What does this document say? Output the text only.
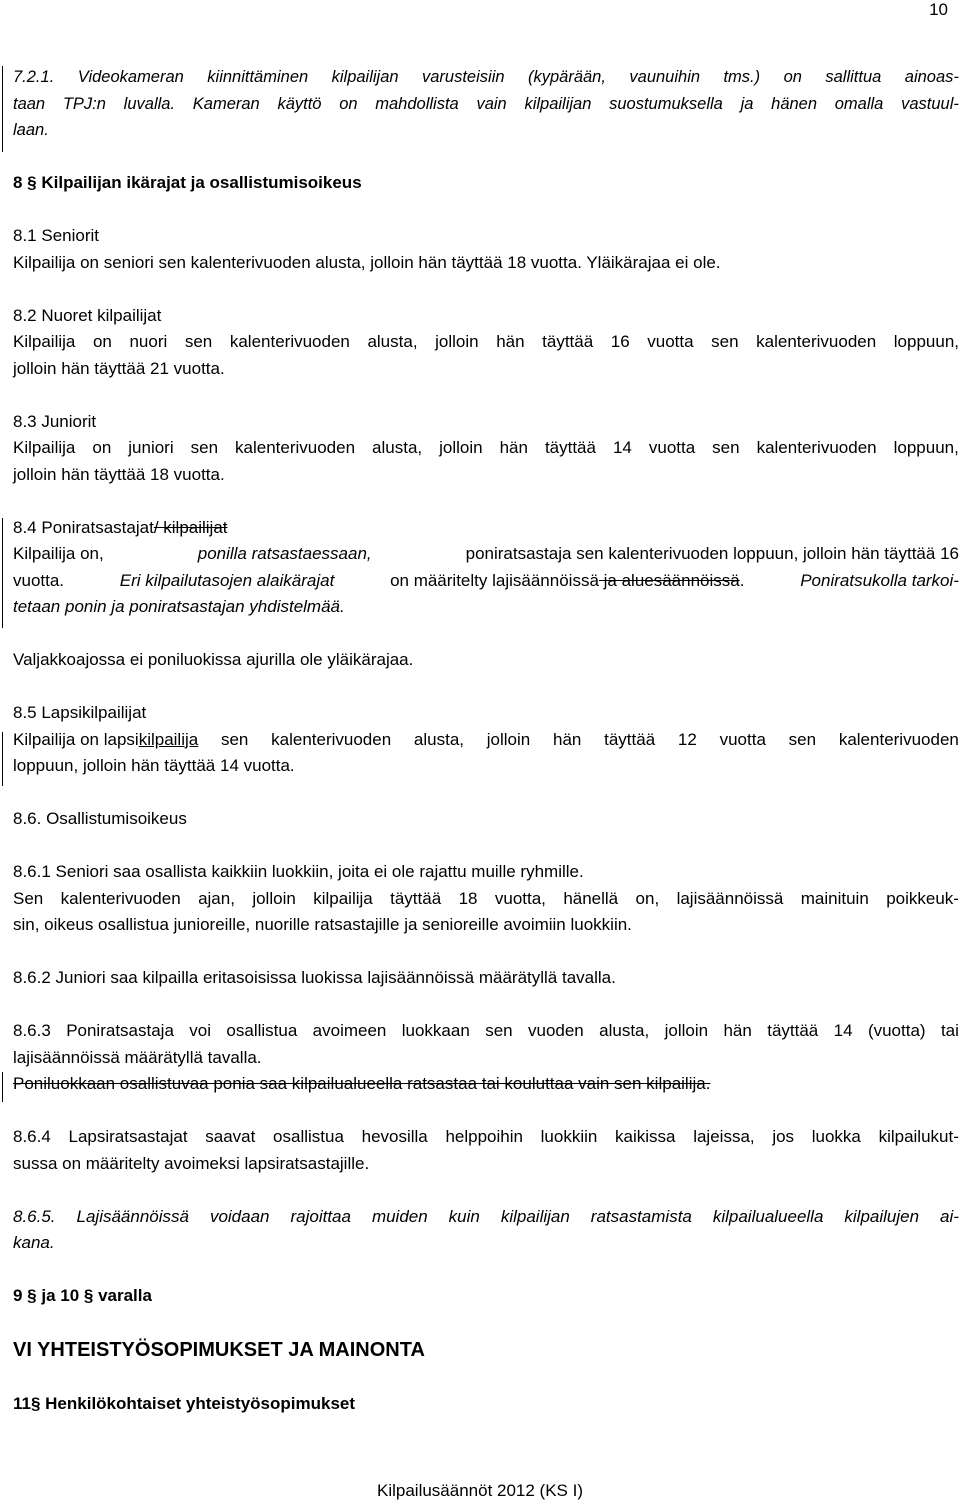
10
7.2.1. Videokameran kiinnittäminen kilpailijan varusteisiin (kypärään, vaunuihin tms.) on sallittua ainoas-
taan TPJ:n luvalla. Kameran käyttö on mahdollista vain kilpailijan suostumuksella ja hänen omalla vastuul-
laan.
8 § Kilpailijan ikärajat ja osallistumisoikeus
8.1 Seniorit
Kilpailija on seniori sen kalenterivuoden alusta, jolloin hän täyttää 18 vuotta. Yläikärajaa ei ole.
8.2 Nuoret kilpailijat
Kilpailija on nuori sen kalenterivuoden alusta, jolloin hän täyttää 16 vuotta sen kalenterivuoden loppuun,
jolloin hän täyttää 21 vuotta.
8.3 Juniorit
Kilpailija on juniori sen kalenterivuoden alusta, jolloin hän täyttää 14 vuotta sen kalenterivuoden loppuun,
jolloin hän täyttää 18 vuotta.
8.4 Poniratsastajat/ kilpailijat
Kilpailija on,	ponilla ratsastaessaan,	poniratsastaja sen kalenterivuoden loppuun, jolloin hän täyttää 16
vuotta.	Eri kilpailutasojen alaikärajat	on määritelty lajisäännöissä ja aluesäännöissä.	Poniratsukolla tarkoi-
tetaan ponin ja poniratsastajan yhdistelmää.
Valjakkoajossa ei poniluokissa ajurilla ole yläikärajaa.
8.5 Lapsikilpailijat
Kilpailija on lapsikilpailija sen kalenterivuoden alusta, jolloin hän täyttää 12 vuotta sen kalenterivuoden
loppuun, jolloin hän täyttää 14 vuotta.
8.6. Osallistumisoikeus
8.6.1 Seniori saa osallista kaikkiin luokkiin, joita ei ole rajattu muille ryhmille.
Sen kalenterivuoden ajan, jolloin kilpailija täyttää 18 vuotta, hänellä on, lajisäännöissä mainituin poikkeuk-
sin, oikeus osallistua junioreille, nuorille ratsastajille ja senioreille avoimiin luokkiin.
8.6.2 Juniori saa kilpailla eritasoisissa luokissa lajisäännöissä määrätyllä tavalla.
8.6.3 Poniratsastaja voi osallistua avoimeen luokkaan sen vuoden alusta, jolloin hän täyttää 14 (vuotta) tai
lajisäännöissä määrätyllä tavalla.
Poniluokkaan osallistuvaa ponia saa kilpailualueella ratsastaa tai kouluttaa vain sen kilpailija.
8.6.4 Lapsiratsastajat saavat osallistua hevosilla helppoihin luokkiin kaikissa lajeissa, jos luokka kilpailukut-
sussa on määritelty avoimeksi lapsiratsastajille.
8.6.5. Lajisäännöissä voidaan rajoittaa muiden kuin kilpailijan ratsastamista kilpailualueella kilpailujen ai-
kana.
9 § ja 10 § varalla
VI YHTEISTYÖSOPIMUKSET JA MAINONTA
11§ Henkilökohtaiset yhteistyösopimukset
Kilpailusäännöt 2012 (KS I)
